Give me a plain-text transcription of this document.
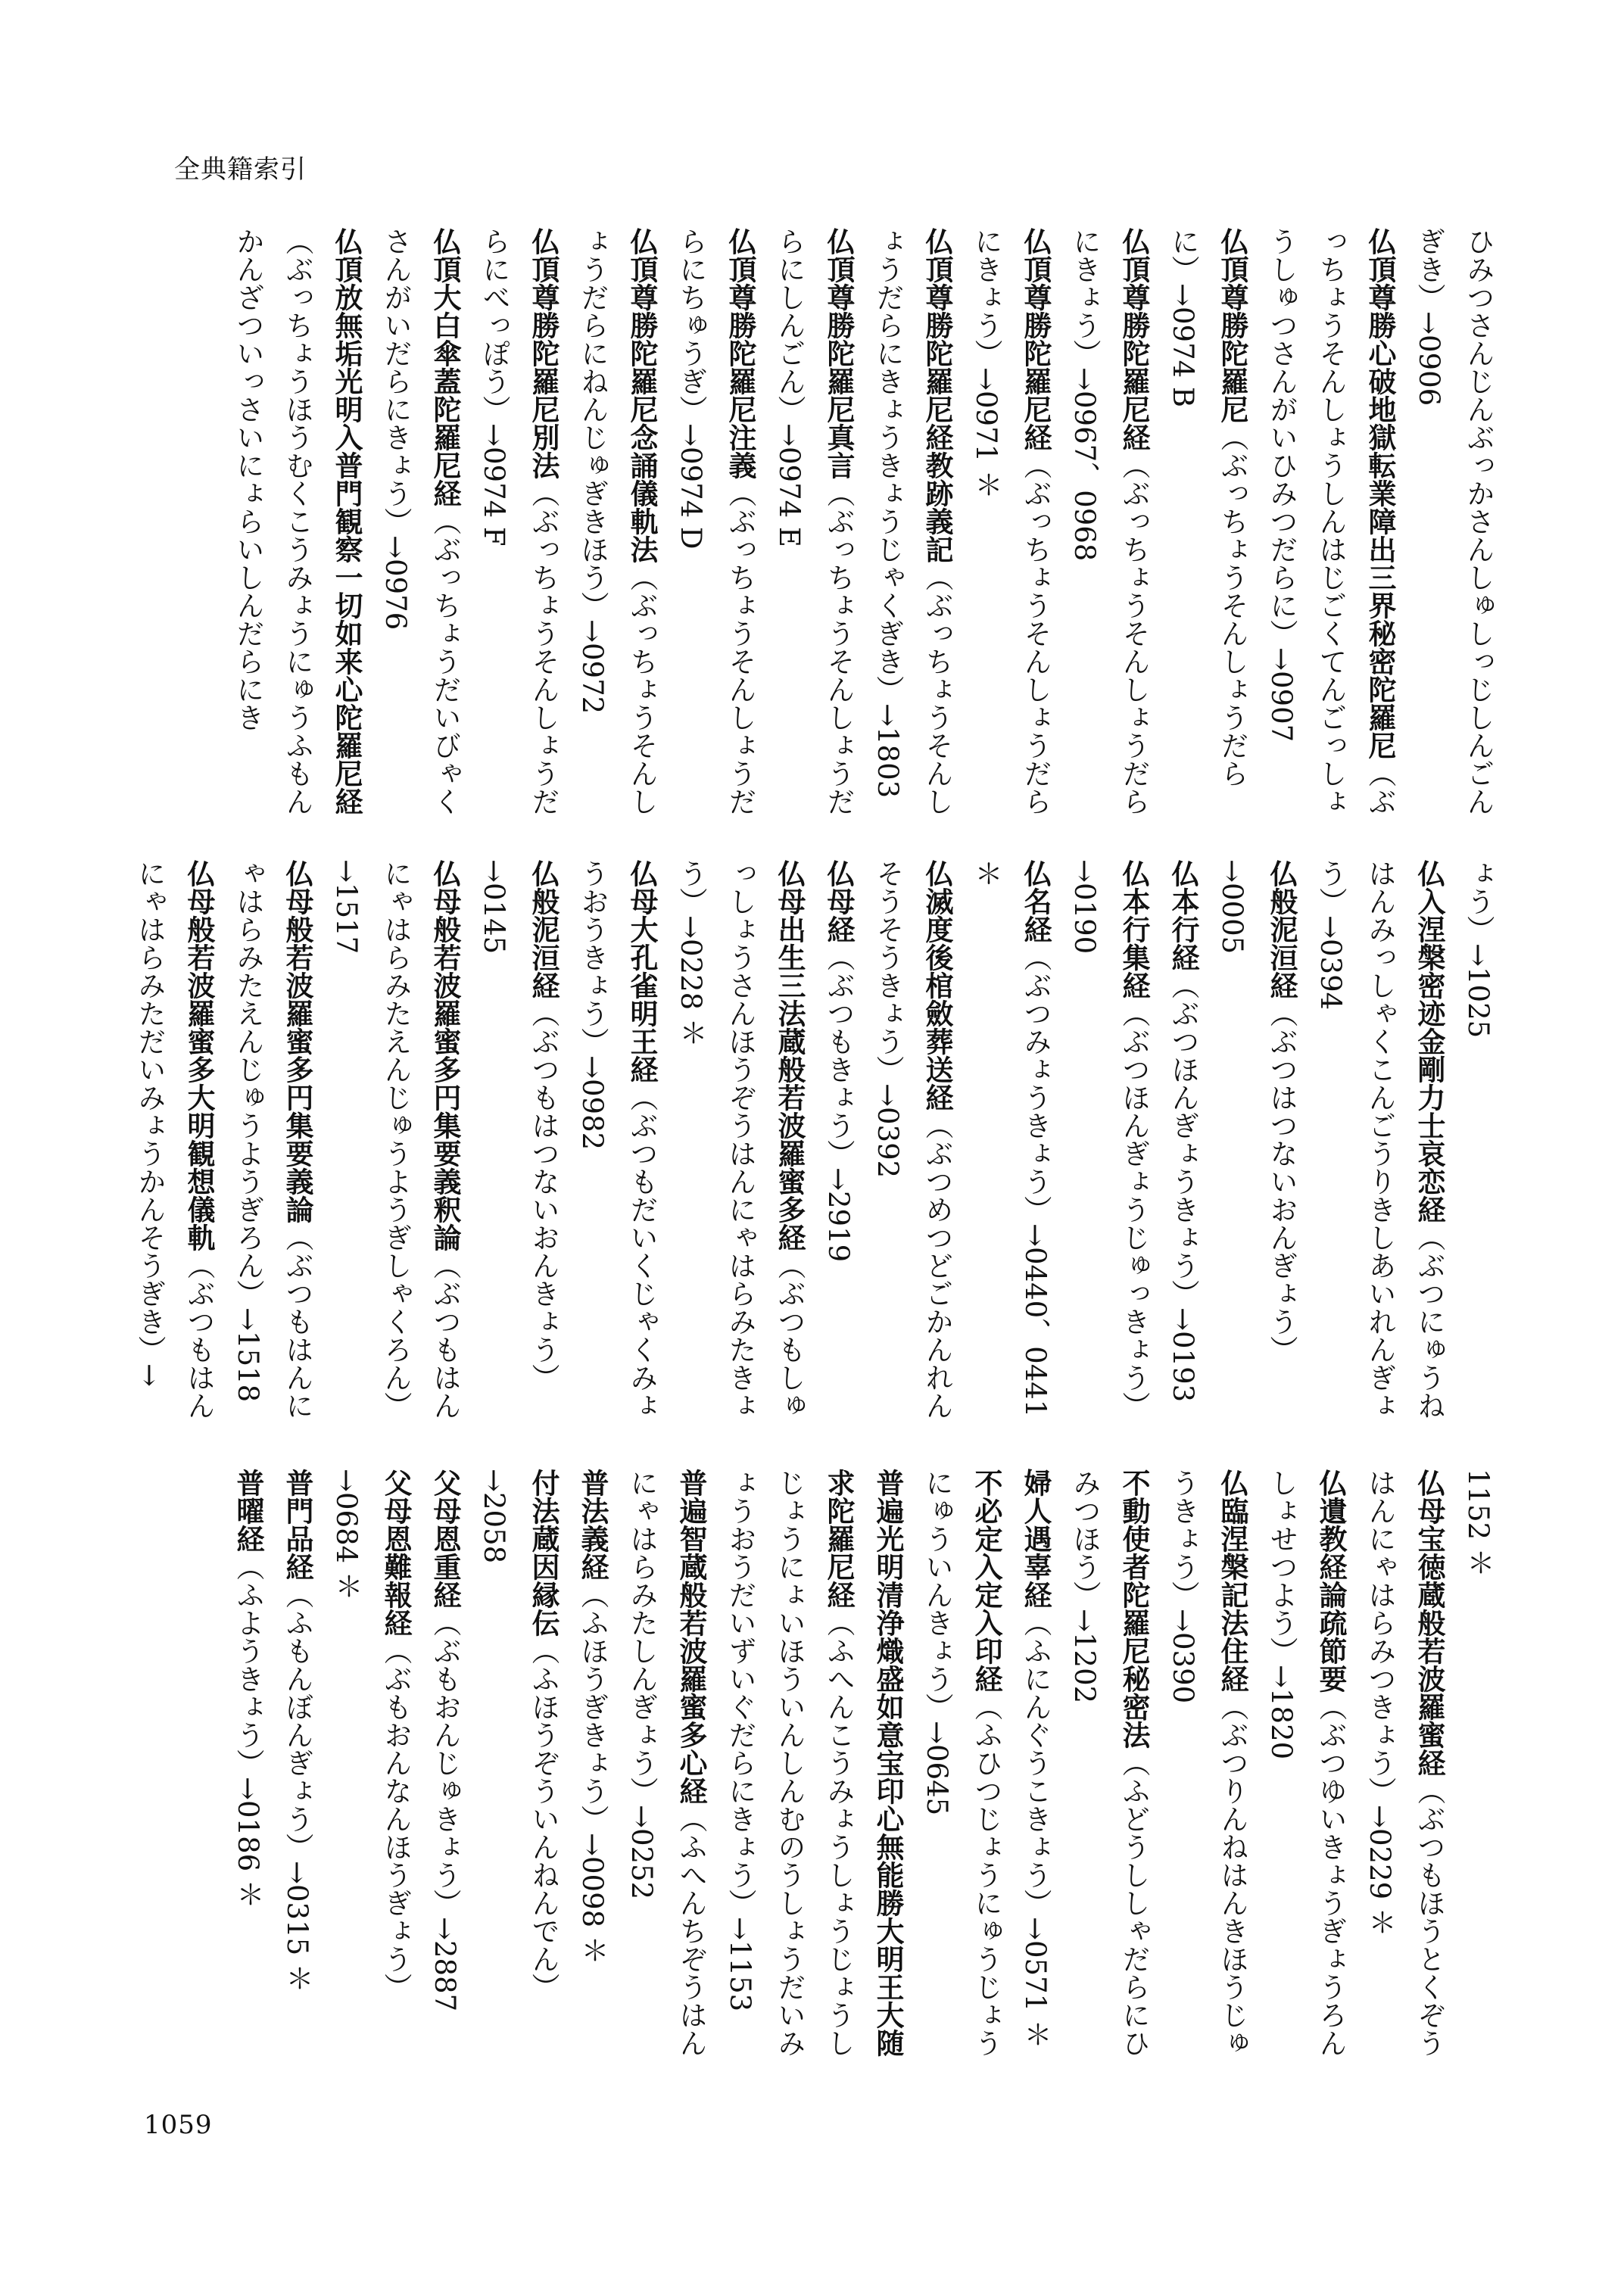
全典籍索引
ひみつさんじんぶっかさんしゅしっじしんごんぎき）→0906
仏頂尊勝心破地獄転業障出三界秘密陀羅尼（ぶっちょうそんしょうしんはじごくてんごっしょうしゅつさんがいひみつだらに）→0907
仏頂尊勝陀羅尼（ぶっちょうそんしょうだらに）→0974 B
仏頂尊勝陀羅尼経（ぶっちょうそんしょうだらにきょう）→0967、0968
仏頂尊勝陀羅尼経（ぶっちょうそんしょうだらにきょう）→0971 ＊
仏頂尊勝陀羅尼経教跡義記（ぶっちょうそんしょうだらにきょうきょうじゃくぎき）→1803
仏頂尊勝陀羅尼真言（ぶっちょうそんしょうだらにしんごん）→0974 E
仏頂尊勝陀羅尼注義（ぶっちょうそんしょうだらにちゅうぎ）→0974 D
仏頂尊勝陀羅尼念誦儀軌法（ぶっちょうそんしょうだらにねんじゅぎきほう）→0972
仏頂尊勝陀羅尼別法（ぶっちょうそんしょうだらにべっぽう）→0974 F
仏頂大白傘蓋陀羅尼経（ぶっちょうだいびゃくさんがいだらにきょう）→0976
仏頂放無垢光明入普門観察一切如来心陀羅尼経（ぶっちょうほうむくこうみょうにゅうふもんかんざついっさいにょらいしんだらにき
ょう）→1025
仏入涅槃密迹金剛力士哀恋経（ぶつにゅうねはんみっしゃくこんごうりきしあいれんぎょう）→0394
仏般泥洹経（ぶつはつないおんぎょう）→0005
仏本行経（ぶつほんぎょうきょう）→0193
仏本行集経（ぶつほんぎょうじゅっきょう）→0190
仏名経（ぶつみょうきょう）→0440、0441 ＊
仏滅度後棺斂葬送経（ぶつめつどごかんれんそうそうきょう）→0392
仏母経（ぶつもきょう）→2919
仏母出生三法蔵般若波羅蜜多経（ぶつもしゅっしょうさんほうぞうはんにゃはらみたきょう）→0228 ＊
仏母大孔雀明王経（ぶつもだいくじゃくみょうおうきょう）→0982
仏般泥洹経（ぶつもはつないおんきょう）→0145
仏母般若波羅蜜多円集要義釈論（ぶつもはんにゃはらみたえんじゅうようぎしゃくろん）→1517
仏母般若波羅蜜多円集要義論（ぶつもはんにゃはらみたえんじゅうようぎろん）→1518
仏母般若波羅蜜多大明観想儀軌（ぶつもはんにゃはらみただいみょうかんそうぎき）→
1152 ＊
仏母宝徳蔵般若波羅蜜経（ぶつもほうとくぞうはんにゃはらみつきょう）→0229 ＊
仏遺教経論疏節要（ぶつゆいきょうぎょうろんしょせつよう）→1820
仏臨涅槃記法住経（ぶつりんねはんきほうじゅうきょう）→0390
不動使者陀羅尼秘密法（ふどうししゃだらにひみつほう）→1202
婦人遇辜経（ふにんぐうこきょう）→0571 ＊
不必定入定入印経（ふひつじょうにゅうじょうにゅういんきょう）→0645
普遍光明清浄熾盛如意宝印心無能勝大明王大随求陀羅尼経（ふへんこうみょうしょうじょうしじょうにょいほういんしんむのうしょうだいみょうおうだいずいぐだらにきょう）→1153
普遍智蔵般若波羅蜜多心経（ふへんちぞうはんにゃはらみたしんぎょう）→0252
普法義経（ふほうぎきょう）→0098 ＊
付法蔵因縁伝（ふほうぞういんねんでん）→2058
父母恩重経（ぶもおんじゅきょう）→2887
父母恩難報経（ぶもおんなんほうぎょう）→0684 ＊
普門品経（ふもんぼんぎょう）→0315 ＊
普曜経（ふようきょう）→0186 ＊
1059
